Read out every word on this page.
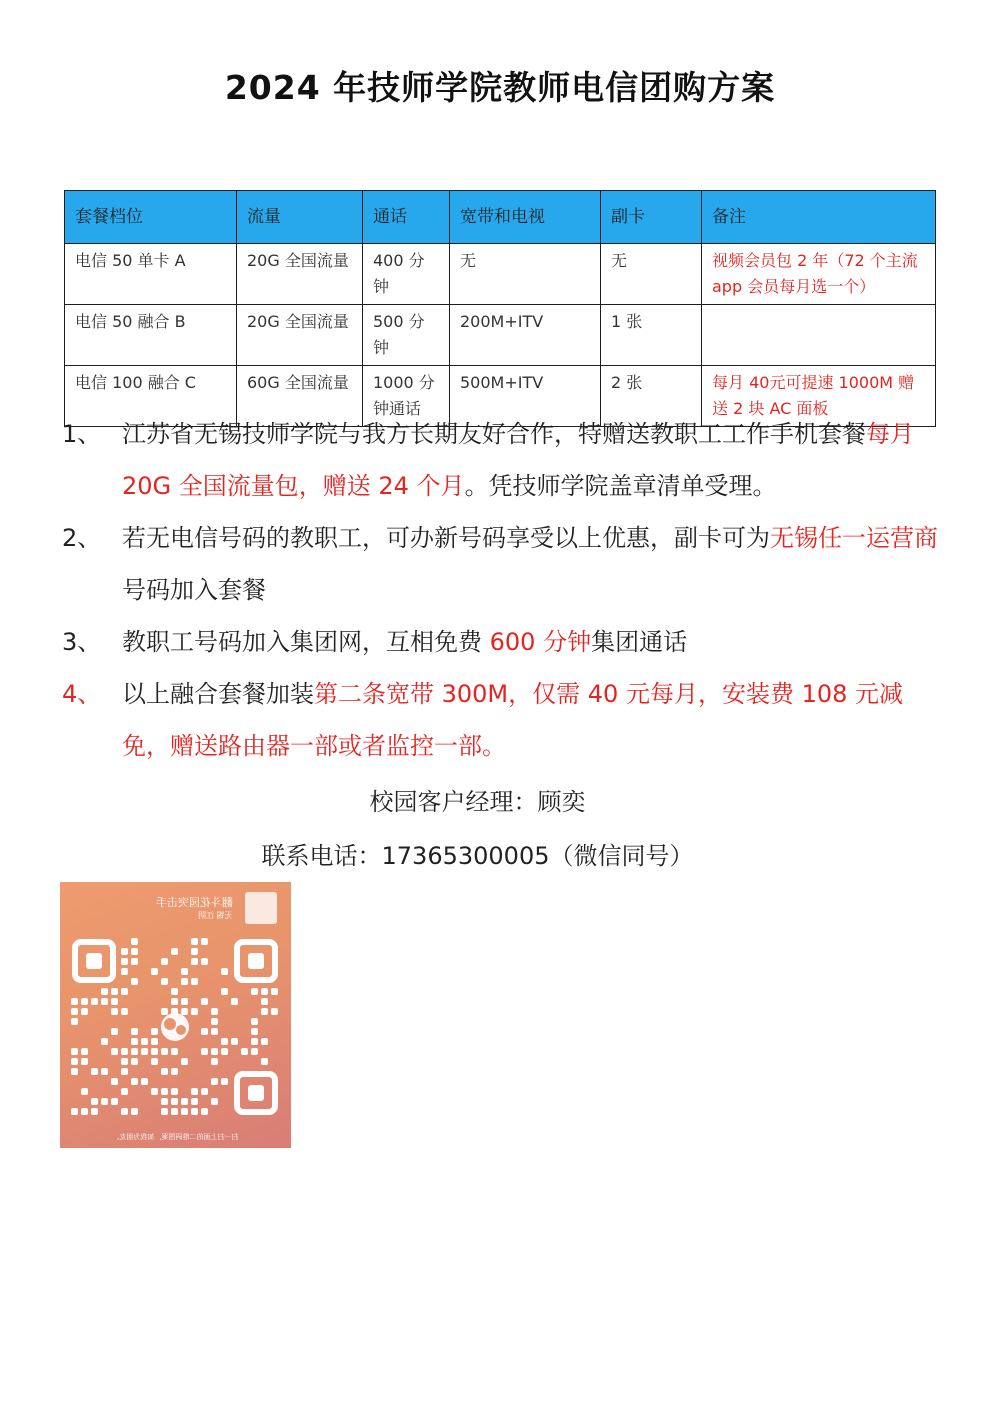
2024 年技师学院教师电信团购方案
套餐档位	流量	通话	宽带和电视	副卡	备注
电信 50 单卡 A	20G 全国流量	400 分钟	无	无	视频会员包 2 年（72 个主流 app 会员每月选一个）
电信 50 融合 B	20G 全国流量	500 分钟	200M+ITV	1 张	
电信 100 融合 C	60G 全国流量	1000 分钟通话	500M+ITV	2 张	每月 40元可提速 1000M 赠送 2 块 AC 面板
1、 江苏省无锡技师学院与我方长期友好合作，特赠送教职工工作手机套餐每月 20G 全国流量包，赠送 24 个月。凭技师学院盖章清单受理。
2、 若无电信号码的教职工，可办新号码享受以上优惠，副卡可为无锡任一运营商号码加入套餐
3、 教职工号码加入集团网，互相免费 600 分钟集团通话
4、 以上融合套餐加装第二条宽带 300M，仅需 40 元每月，安装费 108 元减免，赠送路由器一部或者监控一部。
校园客户经理：顾奕
联系电话：17365300005（微信同号）
翻斗花园突击手
无锡 江阴
扫一扫上面的二维码图案，加我为朋友。
